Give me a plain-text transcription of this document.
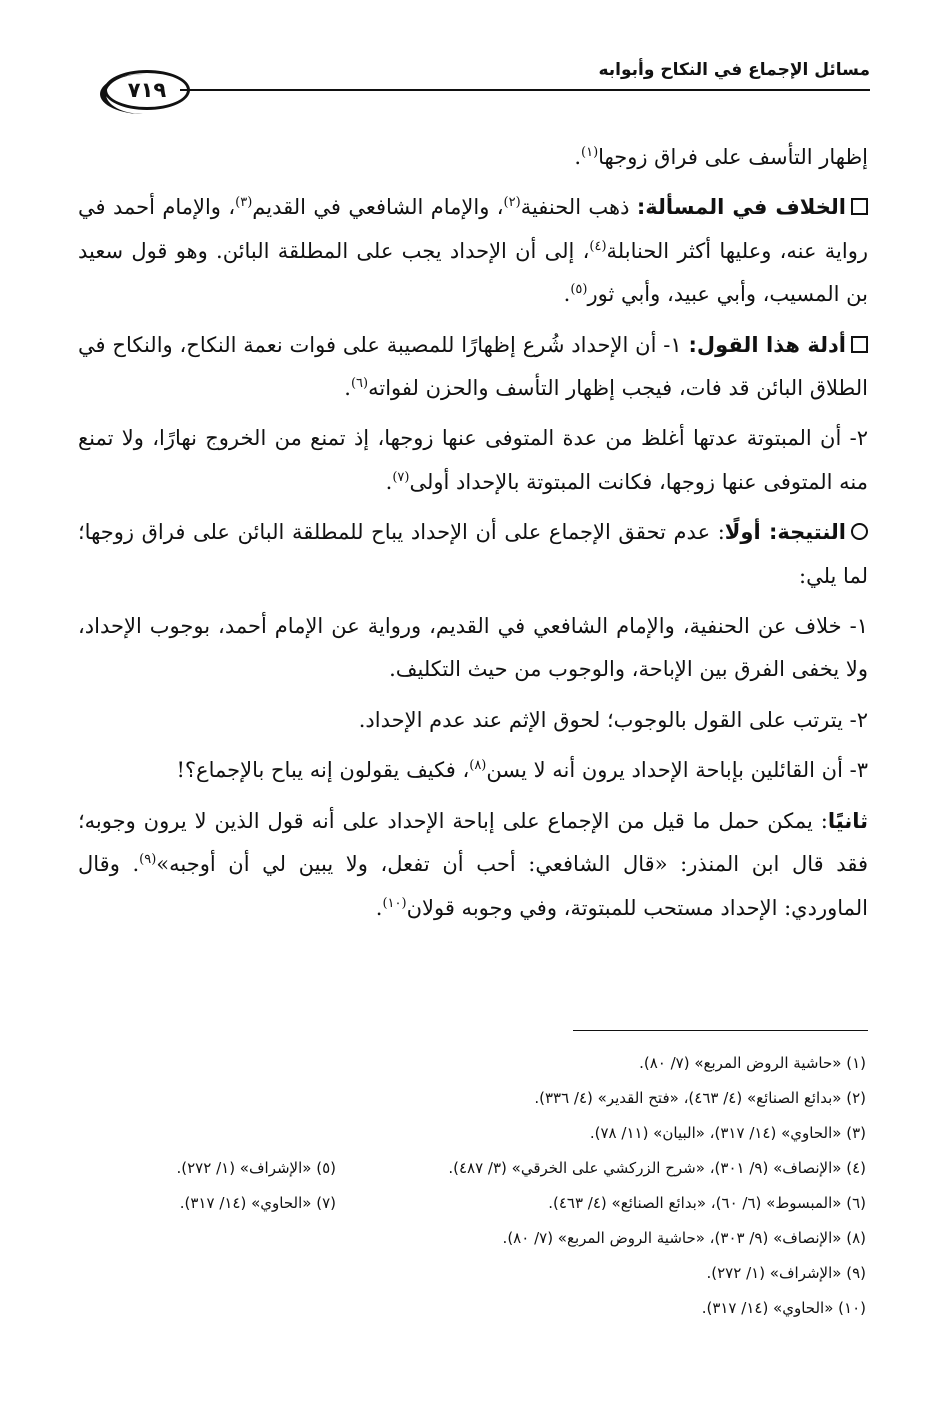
مسائل الإجماع في النكاح وأبوابه
٧١٩

إظهار التأسف على فراق زوجها$^{(١)}$.

الخلاف في المسألة: ذهب الحنفية$^{(٢)}$، والإمام الشافعي في القديم$^{(٣)}$، والإمام أحمد في رواية عنه، وعليها أكثر الحنابلة$^{(٤)}$، إلى أن الإحداد يجب على المطلقة البائن. وهو قول سعيد بن المسيب، وأبي عبيد، وأبي ثور$^{(٥)}$.

أدلة هذا القول: ١- أن الإحداد شُرع إظهارًا للمصيبة على فوات نعمة النكاح، والنكاح في الطلاق البائن قد فات، فيجب إظهار التأسف والحزن لفواته$^{(٦)}$.

٢- أن المبتوتة عدتها أغلظ من عدة المتوفى عنها زوجها، إذ تمنع من الخروج نهارًا، ولا تمنع منه المتوفى عنها زوجها، فكانت المبتوتة بالإحداد أولى$^{(٧)}$.

النتيجة: أولًا: عدم تحقق الإجماع على أن الإحداد يباح للمطلقة البائن على فراق زوجها؛ لما يلي:

١- خلاف عن الحنفية، والإمام الشافعي في القديم، ورواية عن الإمام أحمد، بوجوب الإحداد، ولا يخفى الفرق بين الإباحة، والوجوب من حيث التكليف.

٢- يترتب على القول بالوجوب؛ لحوق الإثم عند عدم الإحداد.

٣- أن القائلين بإباحة الإحداد يرون أنه لا يسن$^{(٨)}$، فكيف يقولون إنه يباح بالإجماع؟!

ثانيًا: يمكن حمل ما قيل من الإجماع على إباحة الإحداد على أنه قول الذين لا يرون وجوبه؛ فقد قال ابن المنذر: «قال الشافعي: أحب أن تفعل، ولا يبين لي أن أوجبه»$^{(٩)}$. وقال الماوردي: الإحداد مستحب للمبتوتة، وفي وجوبه قولان$^{(١٠)}$.

(١) «حاشية الروض المربع» (٧/ ٨٠).
(٢) «بدائع الصنائع» (٤/ ٤٦٣)، «فتح القدير» (٤/ ٣٣٦).
(٣) «الحاوي» (١٤/ ٣١٧)، «البيان» (١١/ ٧٨).
(٤) «الإنصاف» (٩/ ٣٠١)، «شرح الزركشي على الخرقي» (٣/ ٤٨٧).
(٥) «الإشراف» (١/ ٢٧٢).
(٦) «المبسوط» (٦/ ٦٠)، «بدائع الصنائع» (٤/ ٤٦٣).
(٧) «الحاوي» (١٤/ ٣١٧).
(٨) «الإنصاف» (٩/ ٣٠٣)، «حاشية الروض المربع» (٧/ ٨٠).
(٩) «الإشراف» (١/ ٢٧٢).
(١٠) «الحاوي» (١٤/ ٣١٧).
